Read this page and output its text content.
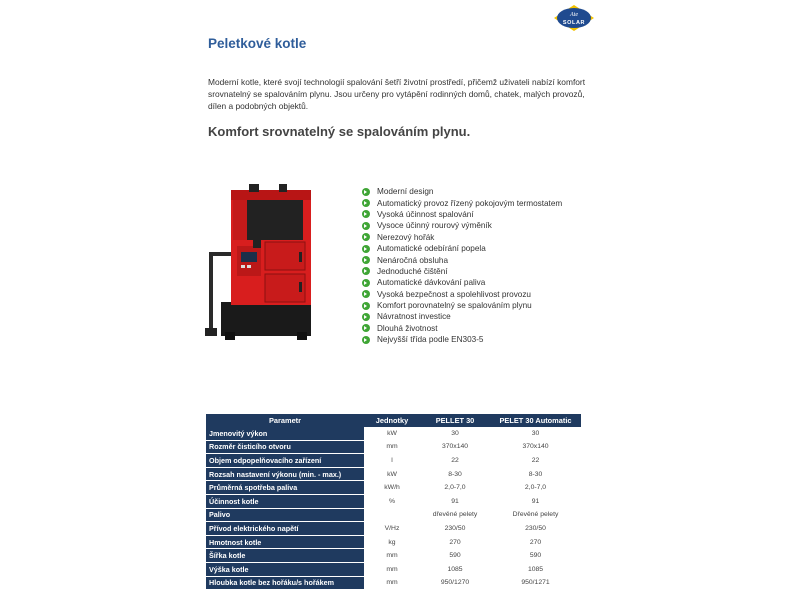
Ate
SOLAR
Peletkové kotle

Moderní kotle, které svojí technologií spalování šetří životní prostředí, přičemž uživateli nabízí komfort srovnatelný se spalováním plynu. Jsou určeny pro vytápění rodinných domů, chatek, malých provozů, dílen a podobných objektů.

Komfort srovnatelný se spalováním plynu.
Moderní design
Automatický provoz řízený pokojovým termostatem
Vysoká účinnost spalování
Vysoce účinný rourový výměník
Nerezový hořák
Automatické odebírání popela
Nenáročná obsluha
Jednoduché čištění
Automatické dávkování paliva
Vysoká bezpečnost a spolehlivost provozu
Komfort porovnatelný se spalováním plynu
Návratnost investice
Dlouhá životnost
Nejvyšší třída podle EN303-5
Parametr	Jednotky	PELLET 30	PELET 30 Automatic
Jmenovitý výkon	kW	30	30
Rozměr čisticího otvoru	mm	370x140	370x140
Objem odpopelňovacího zařízení	l	22	22
Rozsah nastavení výkonu (min. - max.)	kW	8-30	8-30
Průměrná spotřeba paliva	kW/h	2,0-7,0	2,0-7,0
Účinnost kotle	%	91	91
Palivo		dřevěné pelety	Dřevěné pelety
Přívod elektrického napětí	V/Hz	230/50	230/50
Hmotnost kotle	kg	270	270
Šířka kotle	mm	590	590
Výška kotle	mm	1085	1085
Hloubka kotle bez hořáku/s hořákem	mm	950/1270	950/1271
